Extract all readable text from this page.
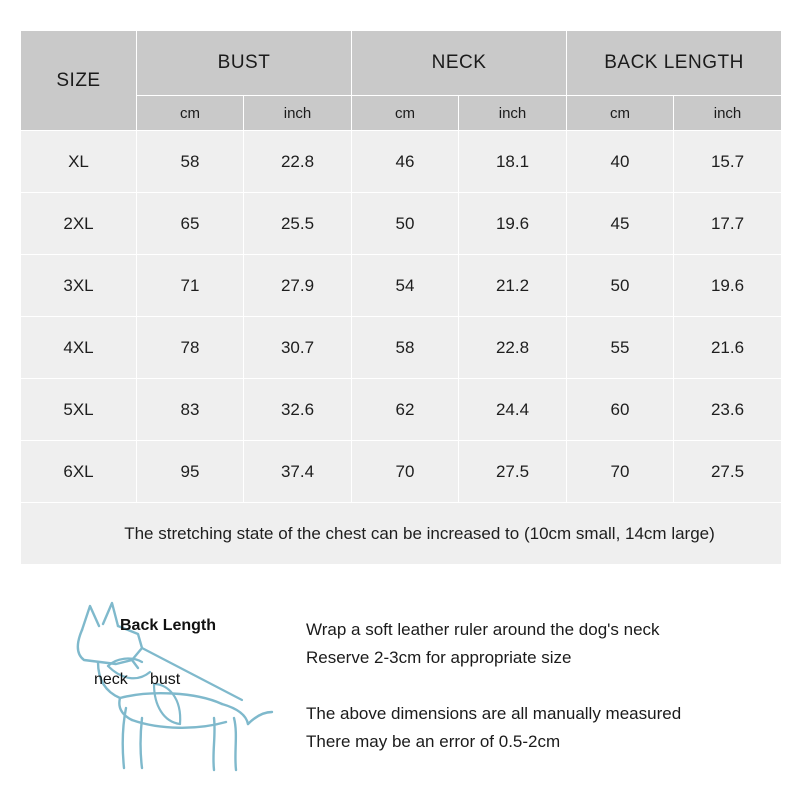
SIZE	BUST		NECK		BACK LENGTH	
	cm	inch	cm	inch	cm	inch
XL	58	22.8	46	18.1	40	15.7
2XL	65	25.5	50	19.6	45	17.7
3XL	71	27.9	54	21.2	50	19.6
4XL	78	30.7	58	22.8	55	21.6
5XL	83	32.6	62	24.4	60	23.6
6XL	95	37.4	70	27.5	70	27.5
The stretching state of the chest can be increased to (10cm small, 14cm large)						
Back Length
neck bust

Wrap a soft leather ruler around the dog's neck

Reserve 2-3cm for appropriate size

The above dimensions are all manually measured

There may be an error of 0.5-2cm
